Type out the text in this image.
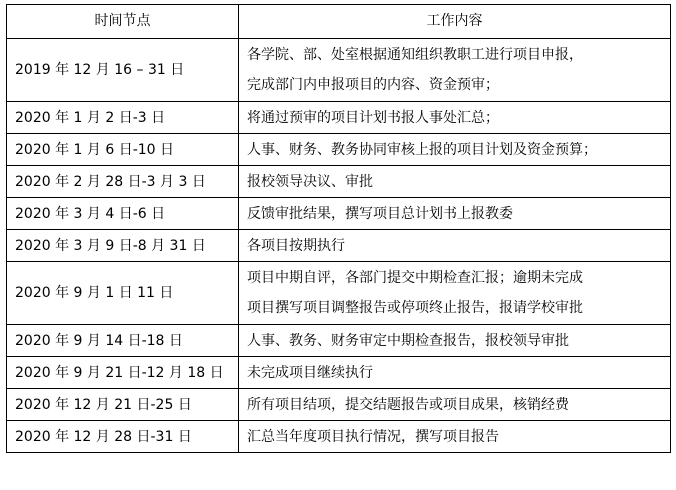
时间节点	工作内容
2019 年 12 月 16 – 31 日	各学院、部、处室根据通知组织教职工进行项目申报，
完成部门内申报项目的内容、资金预审；

2020 年 1 月 2 日-3 日	将通过预审的项目计划书报人事处汇总；

2020 年 1 月 6 日-10 日	人事、财务、教务协同审核上报的项目计划及资金预算；

2020 年 2 月 28 日-3 月 3 日	报校领导决议、审批

2020 年 3 月 4 日-6 日	反馈审批结果，撰写项目总计划书上报教委

2020 年 3 月 9 日-8 月 31 日	各项目按期执行

2020 年 9 月 1 日 11 日	项目中期自评，各部门提交中期检查汇报；逾期未完成
项目撰写项目调整报告或停项终止报告，报请学校审批

2020 年 9 月 14 日-18 日	人事、教务、财务审定中期检查报告，报校领导审批

2020 年 9 月 21 日-12 月 18 日	未完成项目继续执行

2020 年 12 月 21 日-25 日	所有项目结项，提交结题报告或项目成果，核销经费

2020 年 12 月 28 日-31 日	汇总当年度项目执行情况，撰写项目报告
